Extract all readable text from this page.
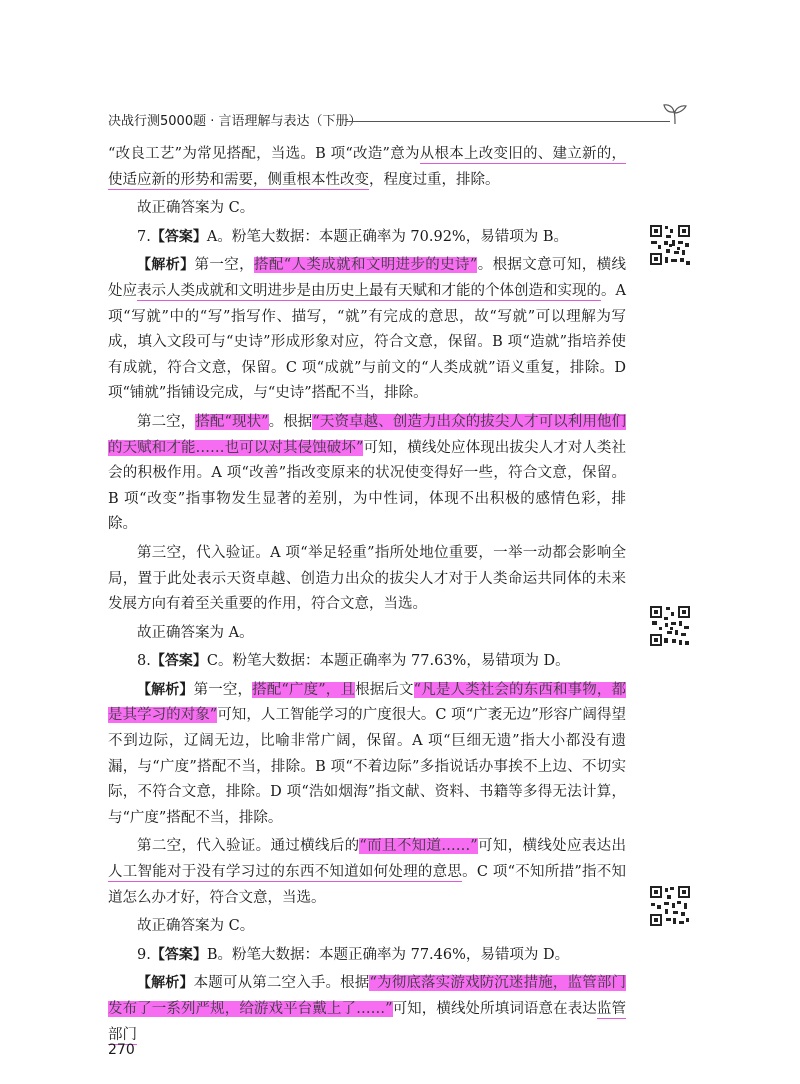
决战行测5000题 · 言语理解与表达（下册）

“改良工艺”为常见搭配，当选。B 项“改造”意为从根本上改变旧的、建立新的，使适应新的形势和需要，侧重根本性改变，程度过重，排除。

故正确答案为 C。

7.【答案】A。粉笔大数据：本题正确率为 70.92%，易错项为 B。

【解析】第一空，搭配“人类成就和文明进步的史诗”。根据文意可知，横线处应表示人类成就和文明进步是由历史上最有天赋和才能的个体创造和实现的。A 项“写就”中的“写”指写作、描写，“就”有完成的意思，故“写就”可以理解为写成，填入文段可与“史诗”形成形象对应，符合文意，保留。B 项“造就”指培养使有成就，符合文意，保留。C 项“成就”与前文的“人类成就”语义重复，排除。D 项“铺就”指铺设完成，与“史诗”搭配不当，排除。

第二空，搭配“现状”。根据“天资卓越、创造力出众的拔尖人才可以利用他们的天赋和才能……也可以对其侵蚀破坏”可知，横线处应体现出拔尖人才对人类社会的积极作用。A 项“改善”指改变原来的状况使变得好一些，符合文意，保留。B 项“改变”指事物发生显著的差别，为中性词，体现不出积极的感情色彩，排除。

第三空，代入验证。A 项“举足轻重”指所处地位重要，一举一动都会影响全局，置于此处表示天资卓越、创造力出众的拔尖人才对于人类命运共同体的未来发展方向有着至关重要的作用，符合文意，当选。

故正确答案为 A。

8.【答案】C。粉笔大数据：本题正确率为 77.63%，易错项为 D。

【解析】第一空，搭配“广度”，且根据后文“凡是人类社会的东西和事物，都是其学习的对象”可知，人工智能学习的广度很大。C 项“广袤无边”形容广阔得望不到边际，辽阔无边，比喻非常广阔，保留。A 项“巨细无遗”指大小都没有遗漏，与“广度”搭配不当，排除。B 项“不着边际”多指说话办事挨不上边、不切实际，不符合文意，排除。D 项“浩如烟海”指文献、资料、书籍等多得无法计算，与“广度”搭配不当，排除。

第二空，代入验证。通过横线后的“而且不知道……”可知，横线处应表达出人工智能对于没有学习过的东西不知道如何处理的意思。C 项“不知所措”指不知道怎么办才好，符合文意，当选。

故正确答案为 C。

9.【答案】B。粉笔大数据：本题正确率为 77.46%，易错项为 D。

【解析】本题可从第二空入手。根据“为彻底落实游戏防沉迷措施，监管部门发布了一系列严规，给游戏平台戴上了……”可知，横线处所填词语意在表达监管部门

270
